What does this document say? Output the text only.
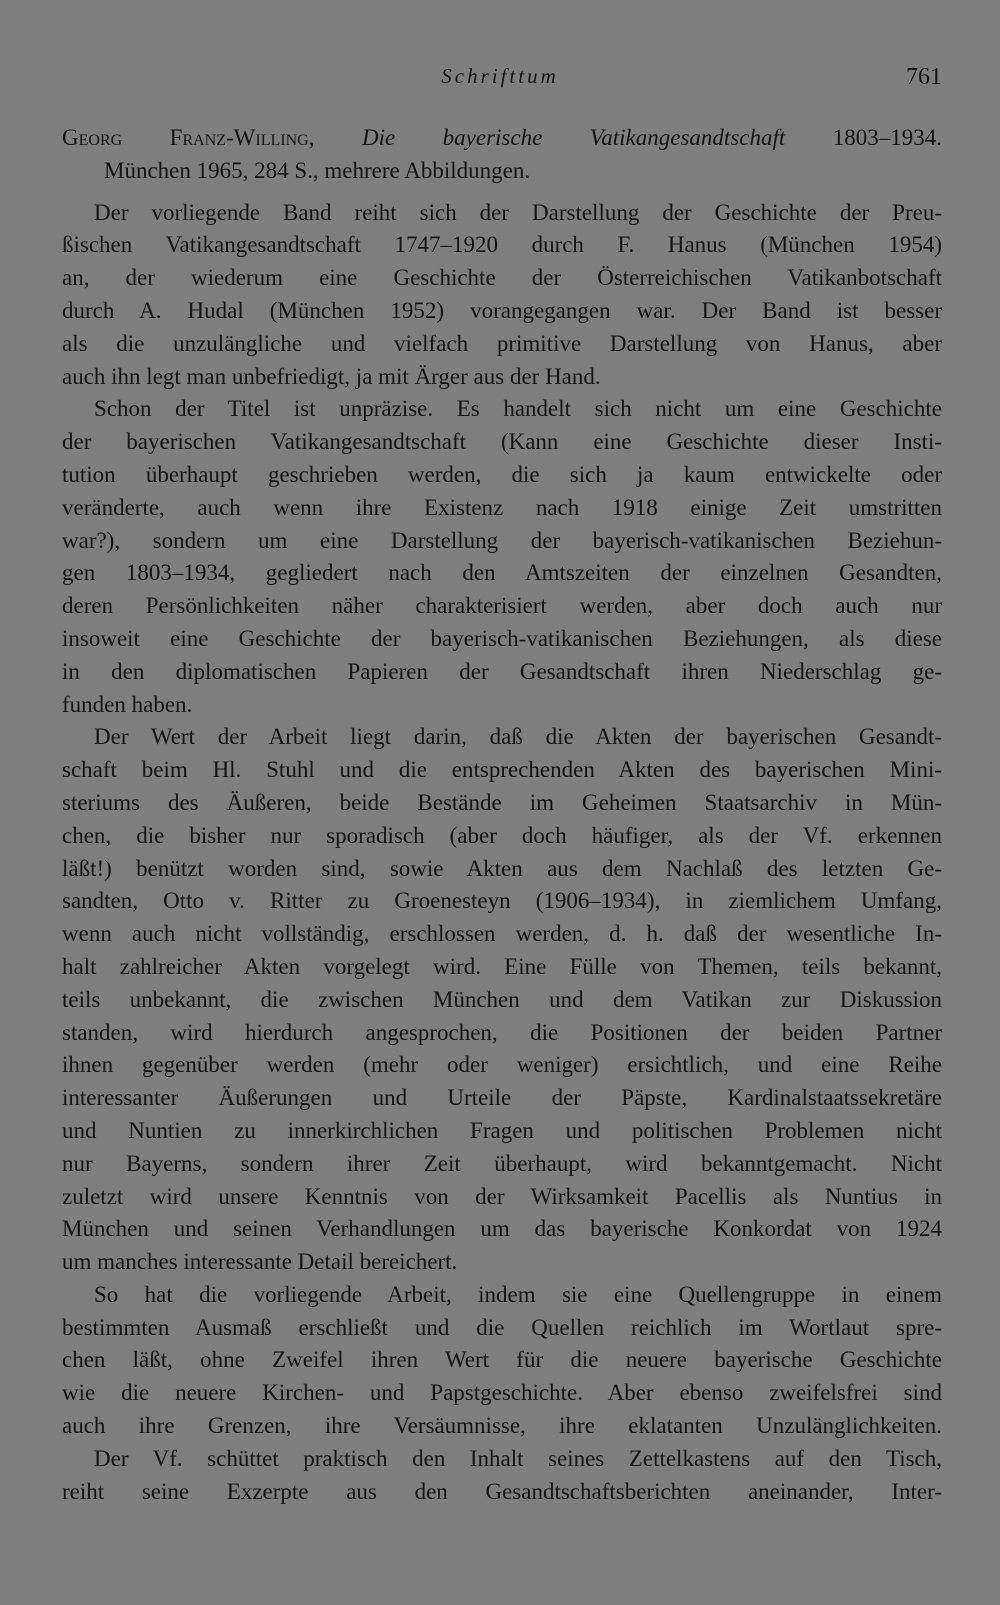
Schrifttum	761
Georg Franz-Willing, Die bayerische Vatikangesandtschaft 1803–1934.
München 1965, 284 S., mehrere Abbildungen.
Der vorliegende Band reiht sich der Darstellung der Geschichte der Preu-
ßischen Vatikangesandtschaft 1747–1920 durch F. Hanus (München 1954)
an, der wiederum eine Geschichte der Österreichischen Vatikanbotschaft
durch A. Hudal (München 1952) vorangegangen war. Der Band ist besser
als die unzulängliche und vielfach primitive Darstellung von Hanus, aber
auch ihn legt man unbefriedigt, ja mit Ärger aus der Hand.
Schon der Titel ist unpräzise. Es handelt sich nicht um eine Geschichte
der bayerischen Vatikangesandtschaft (Kann eine Geschichte dieser Insti-
tution überhaupt geschrieben werden, die sich ja kaum entwickelte oder
veränderte, auch wenn ihre Existenz nach 1918 einige Zeit umstritten
war?), sondern um eine Darstellung der bayerisch-vatikanischen Beziehun-
gen 1803–1934, gegliedert nach den Amtszeiten der einzelnen Gesandten,
deren Persönlichkeiten näher charakterisiert werden, aber doch auch nur
insoweit eine Geschichte der bayerisch-vatikanischen Beziehungen, als diese
in den diplomatischen Papieren der Gesandtschaft ihren Niederschlag ge-
funden haben.
Der Wert der Arbeit liegt darin, daß die Akten der bayerischen Gesandt-
schaft beim Hl. Stuhl und die entsprechenden Akten des bayerischen Mini-
steriums des Äußeren, beide Bestände im Geheimen Staatsarchiv in Mün-
chen, die bisher nur sporadisch (aber doch häufiger, als der Vf. erkennen
läßt!) benützt worden sind, sowie Akten aus dem Nachlaß des letzten Ge-
sandten, Otto v. Ritter zu Groenesteyn (1906–1934), in ziemlichem Umfang,
wenn auch nicht vollständig, erschlossen werden, d. h. daß der wesentliche In-
halt zahlreicher Akten vorgelegt wird. Eine Fülle von Themen, teils bekannt,
teils unbekannt, die zwischen München und dem Vatikan zur Diskussion
standen, wird hierdurch angesprochen, die Positionen der beiden Partner
ihnen gegenüber werden (mehr oder weniger) ersichtlich, und eine Reihe
interessanter Äußerungen und Urteile der Päpste, Kardinalstaatssekretäre
und Nuntien zu innerkirchlichen Fragen und politischen Problemen nicht
nur Bayerns, sondern ihrer Zeit überhaupt, wird bekanntgemacht. Nicht
zuletzt wird unsere Kenntnis von der Wirksamkeit Pacellis als Nuntius in
München und seinen Verhandlungen um das bayerische Konkordat von 1924
um manches interessante Detail bereichert.
So hat die vorliegende Arbeit, indem sie eine Quellengruppe in einem
bestimmten Ausmaß erschließt und die Quellen reichlich im Wortlaut spre-
chen läßt, ohne Zweifel ihren Wert für die neuere bayerische Geschichte
wie die neuere Kirchen- und Papstgeschichte. Aber ebenso zweifelsfrei sind
auch ihre Grenzen, ihre Versäumnisse, ihre eklatanten Unzulänglichkeiten.
Der Vf. schüttet praktisch den Inhalt seines Zettelkastens auf den Tisch,
reiht seine Exzerpte aus den Gesandtschaftsberichten aneinander, Inter-
